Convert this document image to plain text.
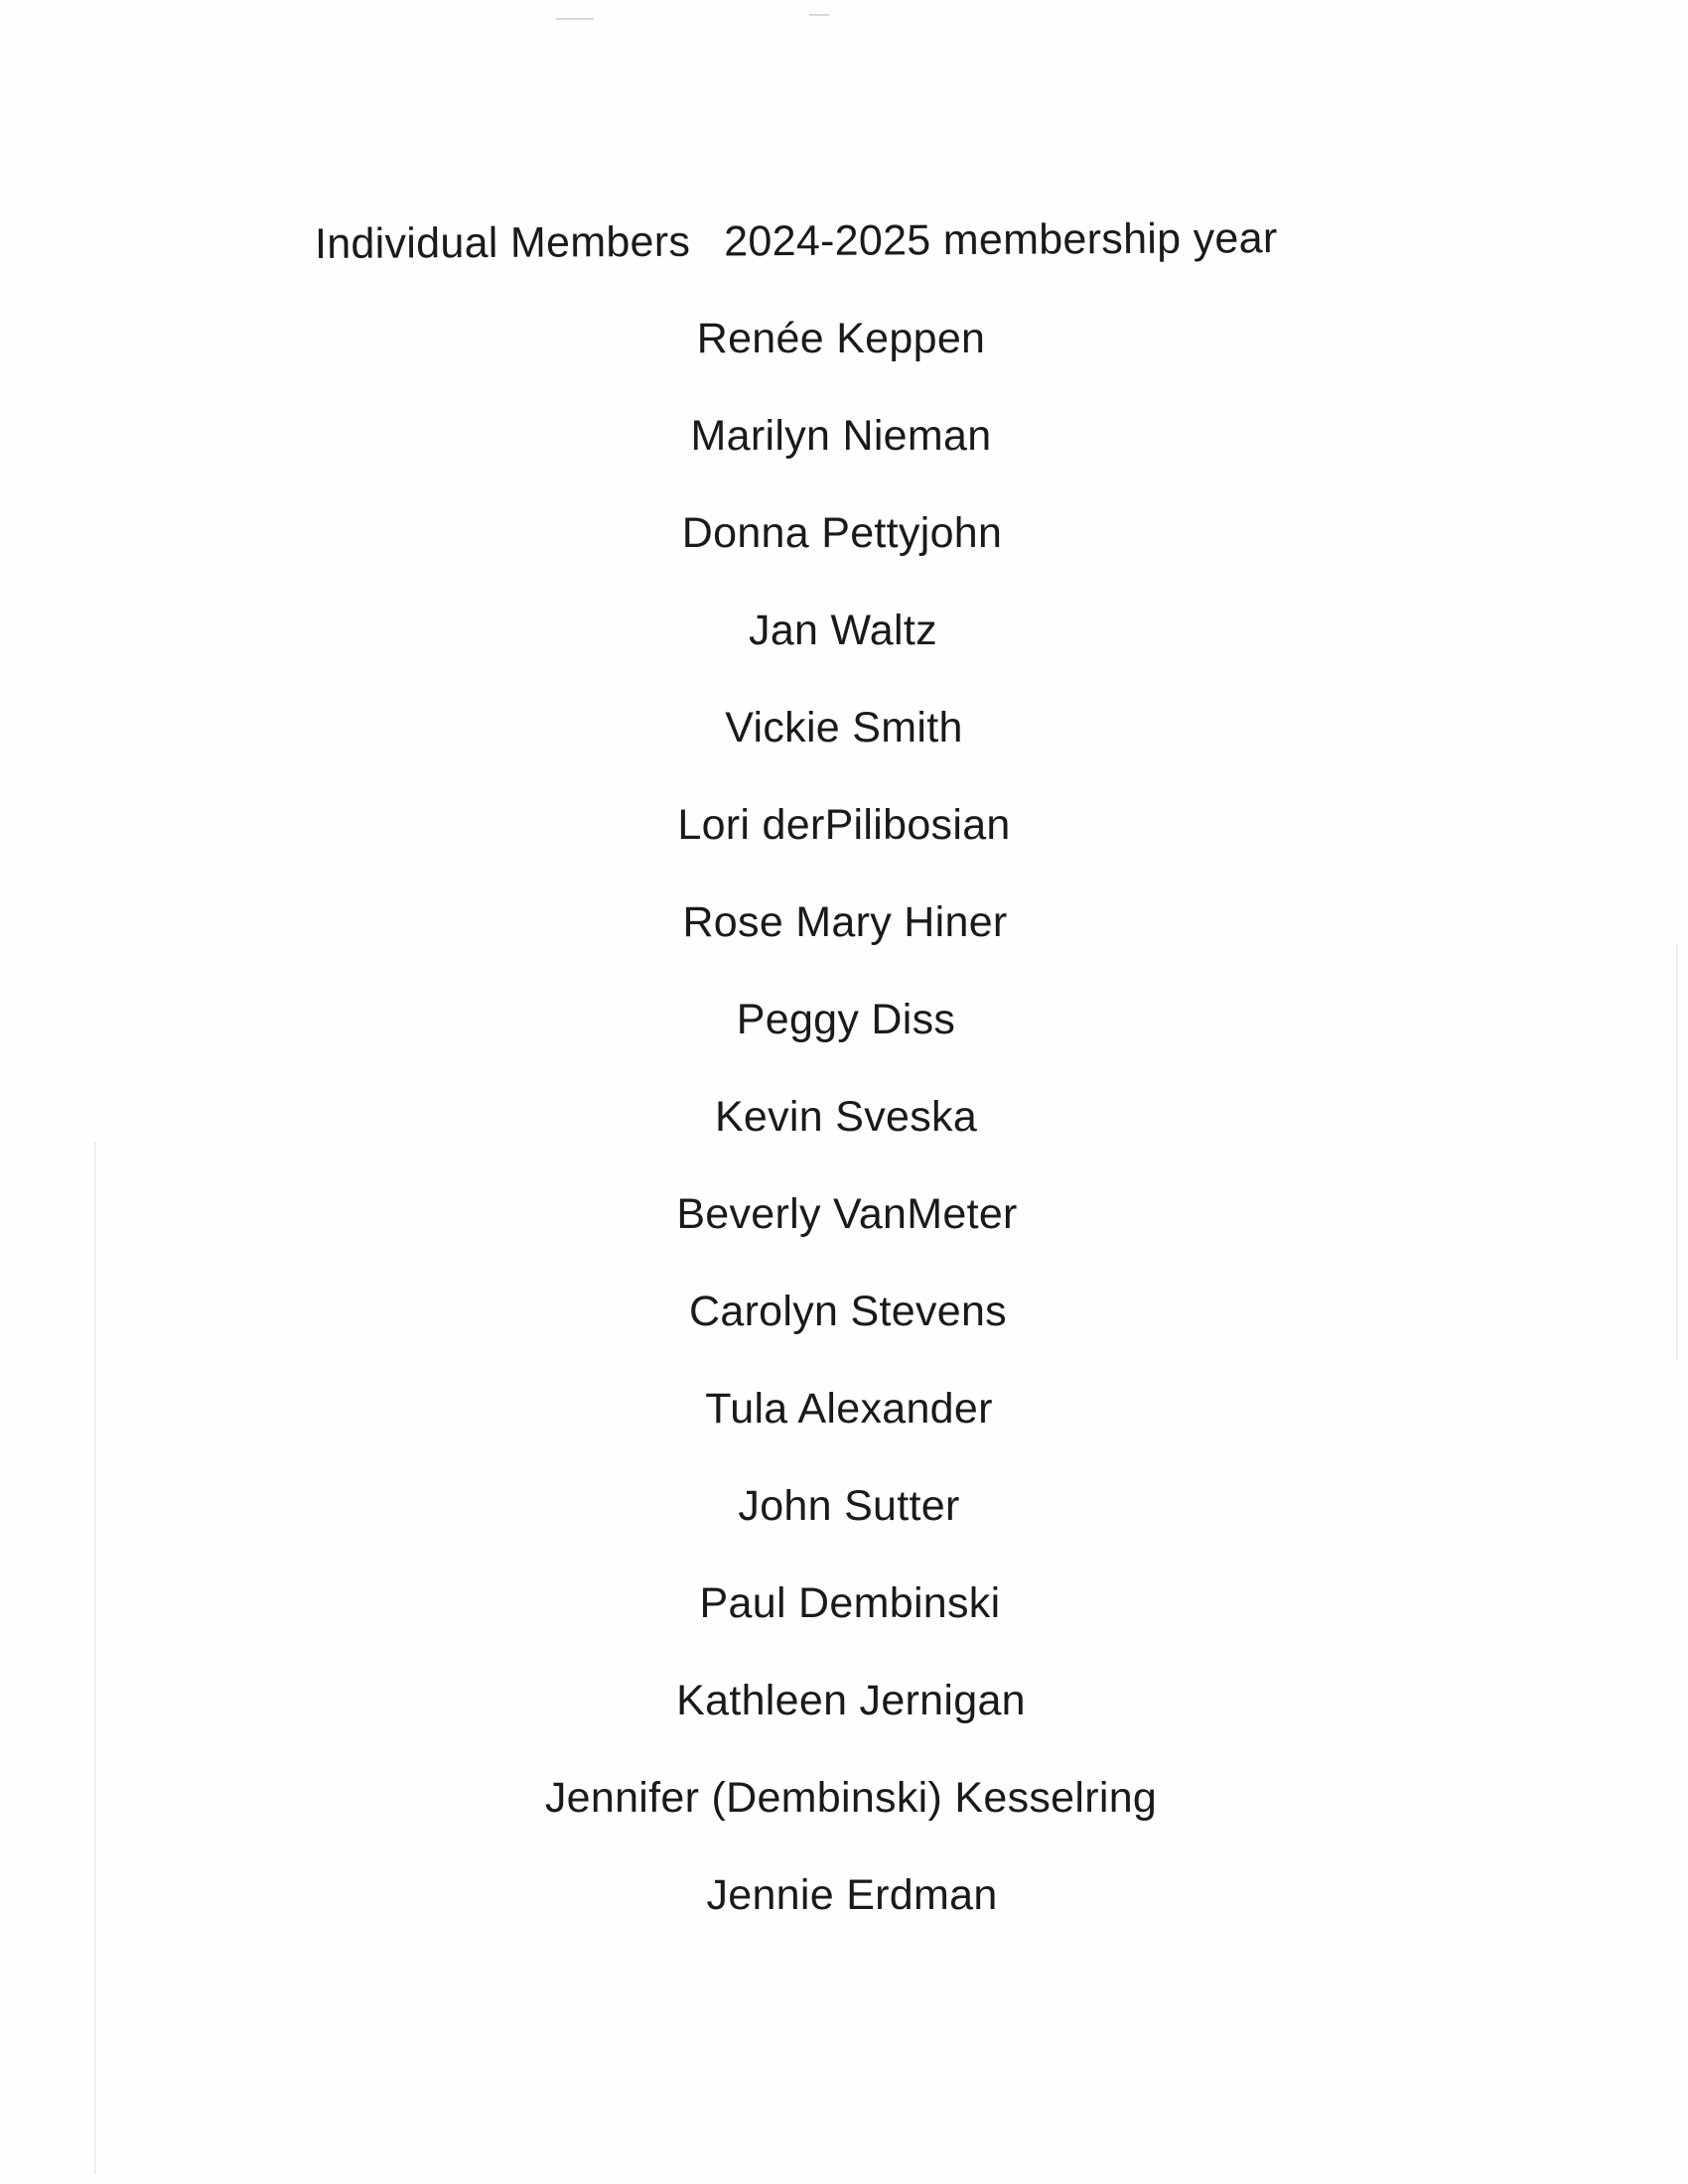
Individual Members 2024-2025 membership year
Renée Keppen
Marilyn Nieman
Donna Pettyjohn
Jan Waltz
Vickie Smith
Lori derPilibosian
Rose Mary Hiner
Peggy Diss
Kevin Sveska
Beverly VanMeter
Carolyn Stevens
Tula Alexander
John Sutter
Paul Dembinski
Kathleen Jernigan
Jennifer (Dembinski) Kesselring
Jennie Erdman
